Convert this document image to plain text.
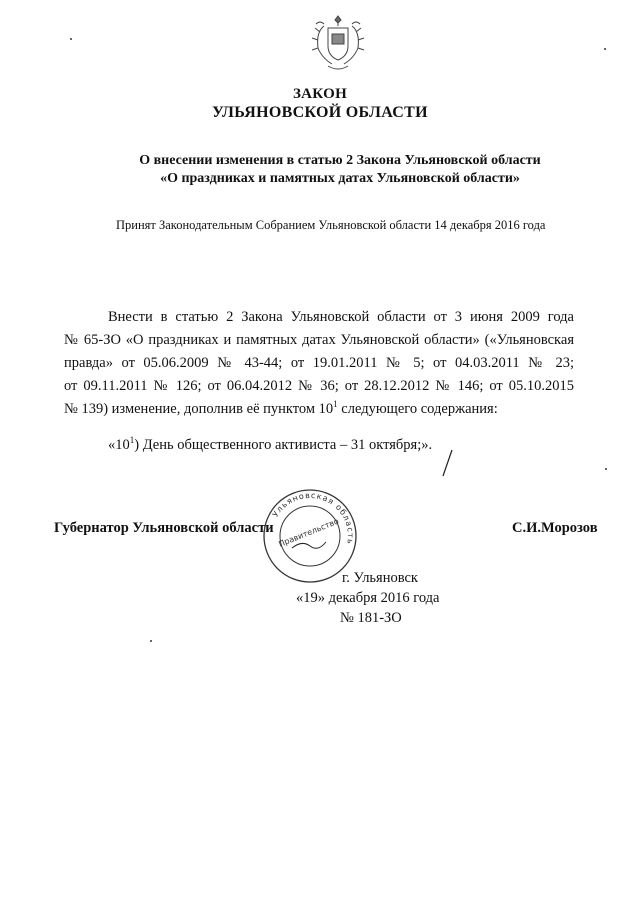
ЗАКОН
УЛЬЯНОВСКОЙ ОБЛАСТИ
О внесении изменения в статью 2 Закона Ульяновской области
«О праздниках и памятных датах Ульяновской области»
Принят Законодательным Собранием Ульяновской области 14 декабря 2016 года
Внести в статью 2 Закона Ульяновской области от 3 июня 2009 года
№ 65-ЗО «О праздниках и памятных датах Ульяновской области» («Ульяновская
правда» от 05.06.2009 № 43-44; от 19.01.2011 № 5; от 04.03.2011 № 23;
от 09.11.2011 № 126; от 06.04.2012 № 36; от 28.12.2012 № 146; от 05.10.2015
№ 139) изменение, дополнив её пунктом $10^1$ следующего содержания:
«$10^1$) День общественного активиста – 31 октября;».
Губернатор Ульяновской области	С.И.Морозов
Ульяновская область
Правительство
г. Ульяновск
«19» декабря 2016 года
№ 181-ЗО
